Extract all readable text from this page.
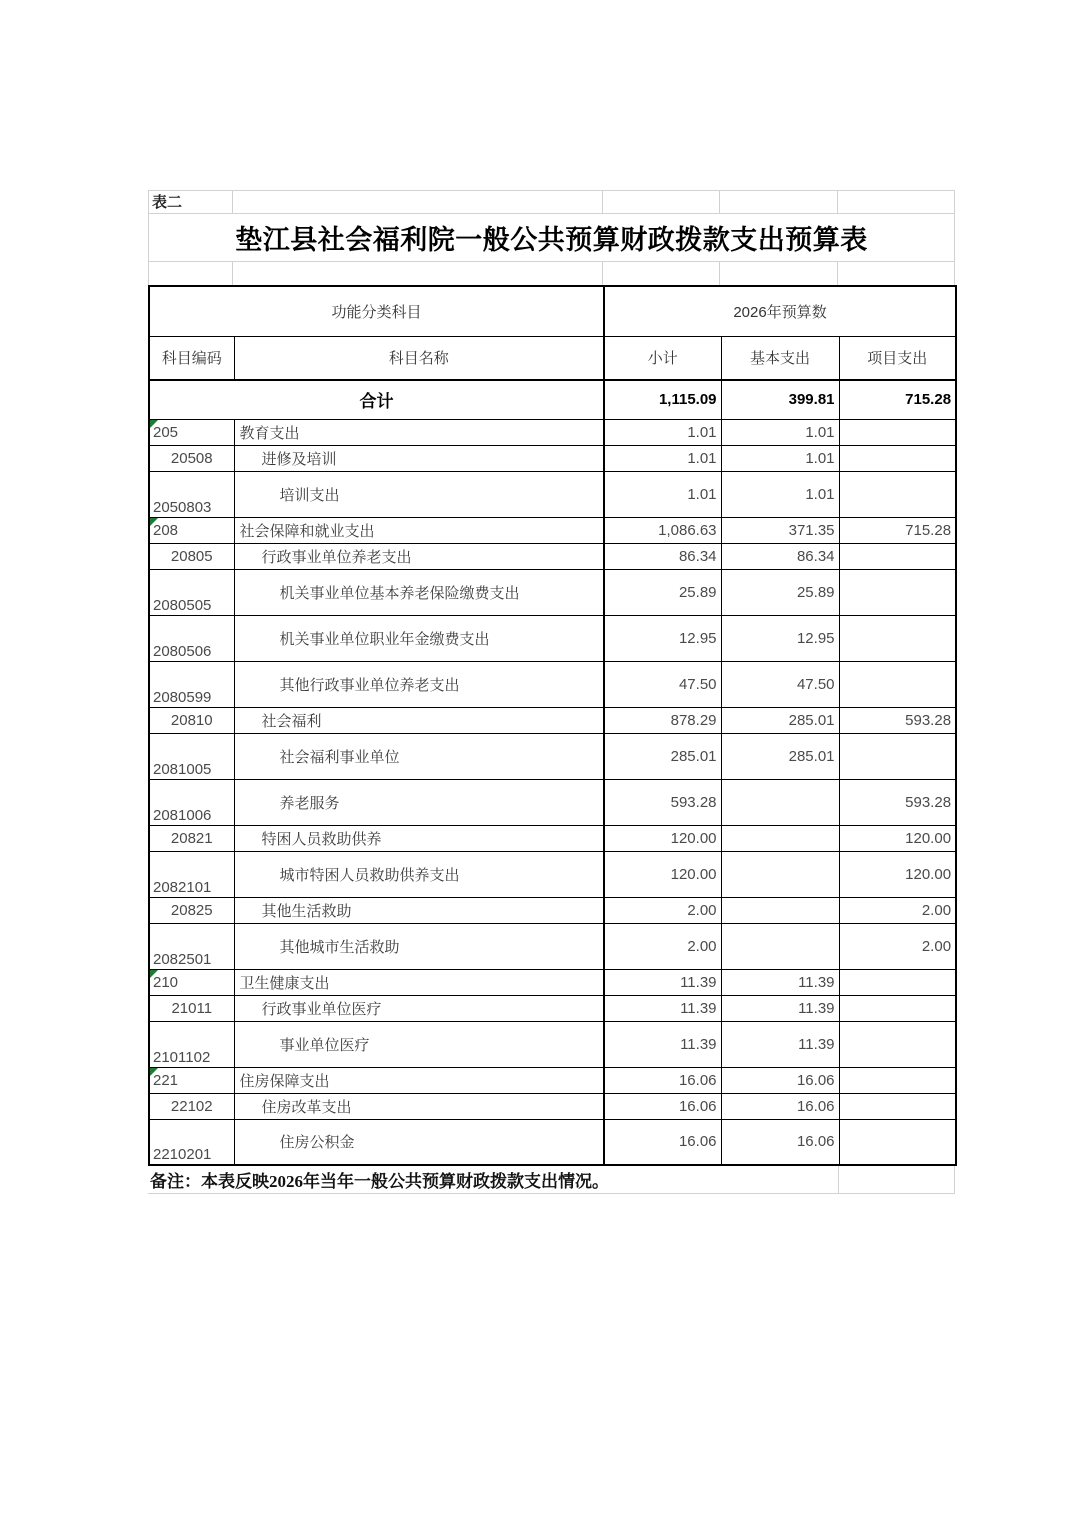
表二
垫江县社会福利院一般公共预算财政拨款支出预算表
功能分类科目		2026年预算数		
科目编码	科目名称	小计	基本支出	项目支出
合计		1,115.09	399.81	715.28
205	教育支出	1.01	1.01	
20508	进修及培训	1.01	1.01	
2050803	培训支出	1.01	1.01	
208	社会保障和就业支出	1,086.63	371.35	715.28
20805	行政事业单位养老支出	86.34	86.34	
2080505	机关事业单位基本养老保险缴费支出	25.89	25.89	
2080506	机关事业单位职业年金缴费支出	12.95	12.95	
2080599	其他行政事业单位养老支出	47.50	47.50	
20810	社会福利	878.29	285.01	593.28
2081005	社会福利事业单位	285.01	285.01	
2081006	养老服务	593.28		593.28
20821	特困人员救助供养	120.00		120.00
2082101	城市特困人员救助供养支出	120.00		120.00
20825	其他生活救助	2.00		2.00
2082501	其他城市生活救助	2.00		2.00
210	卫生健康支出	11.39	11.39	
21011	行政事业单位医疗	11.39	11.39	
2101102	事业单位医疗	11.39	11.39	
221	住房保障支出	16.06	16.06	
22102	住房改革支出	16.06	16.06	
2210201	住房公积金	16.06	16.06	
备注：本表反映2026年当年一般公共预算财政拨款支出情况。
